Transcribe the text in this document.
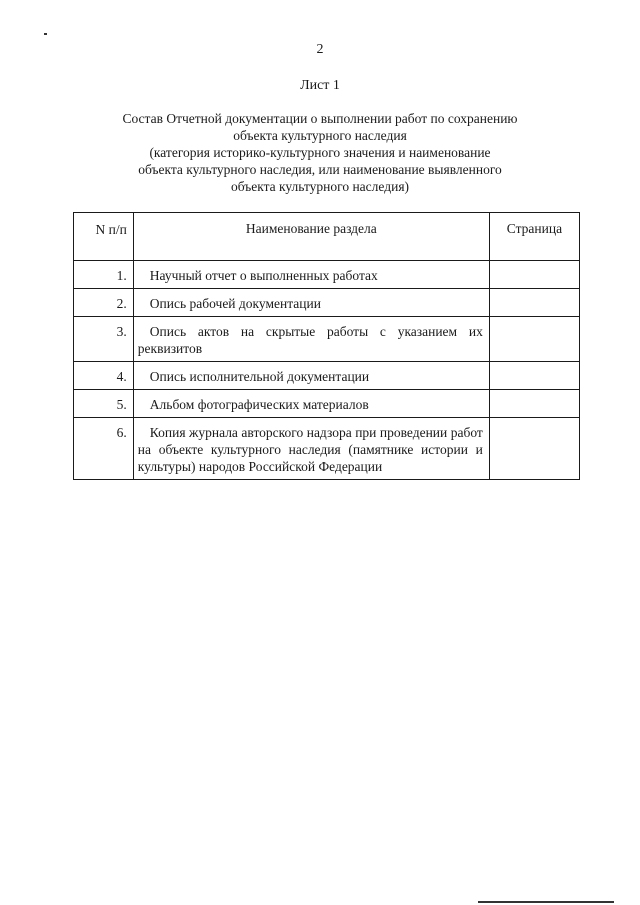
2
Лист 1
Состав Отчетной документации о выполнении работ по сохранению
объекта культурного наследия
(категория историко-культурного значения и наименование
объекта культурного наследия, или наименование выявленного
объекта культурного наследия)
N п/п	Наименование раздела	Страница
1.	Научный отчет о выполненных работах	
2.	Опись рабочей документации	
3.	Опись актов на скрытые работы с указанием их реквизитов	
4.	Опись исполнительной документации	
5.	Альбом фотографических материалов	
6.	Копия журнала авторского надзора при проведении работ на объекте культурного наследия (памятнике истории и культуры) народов Российской Федерации	
